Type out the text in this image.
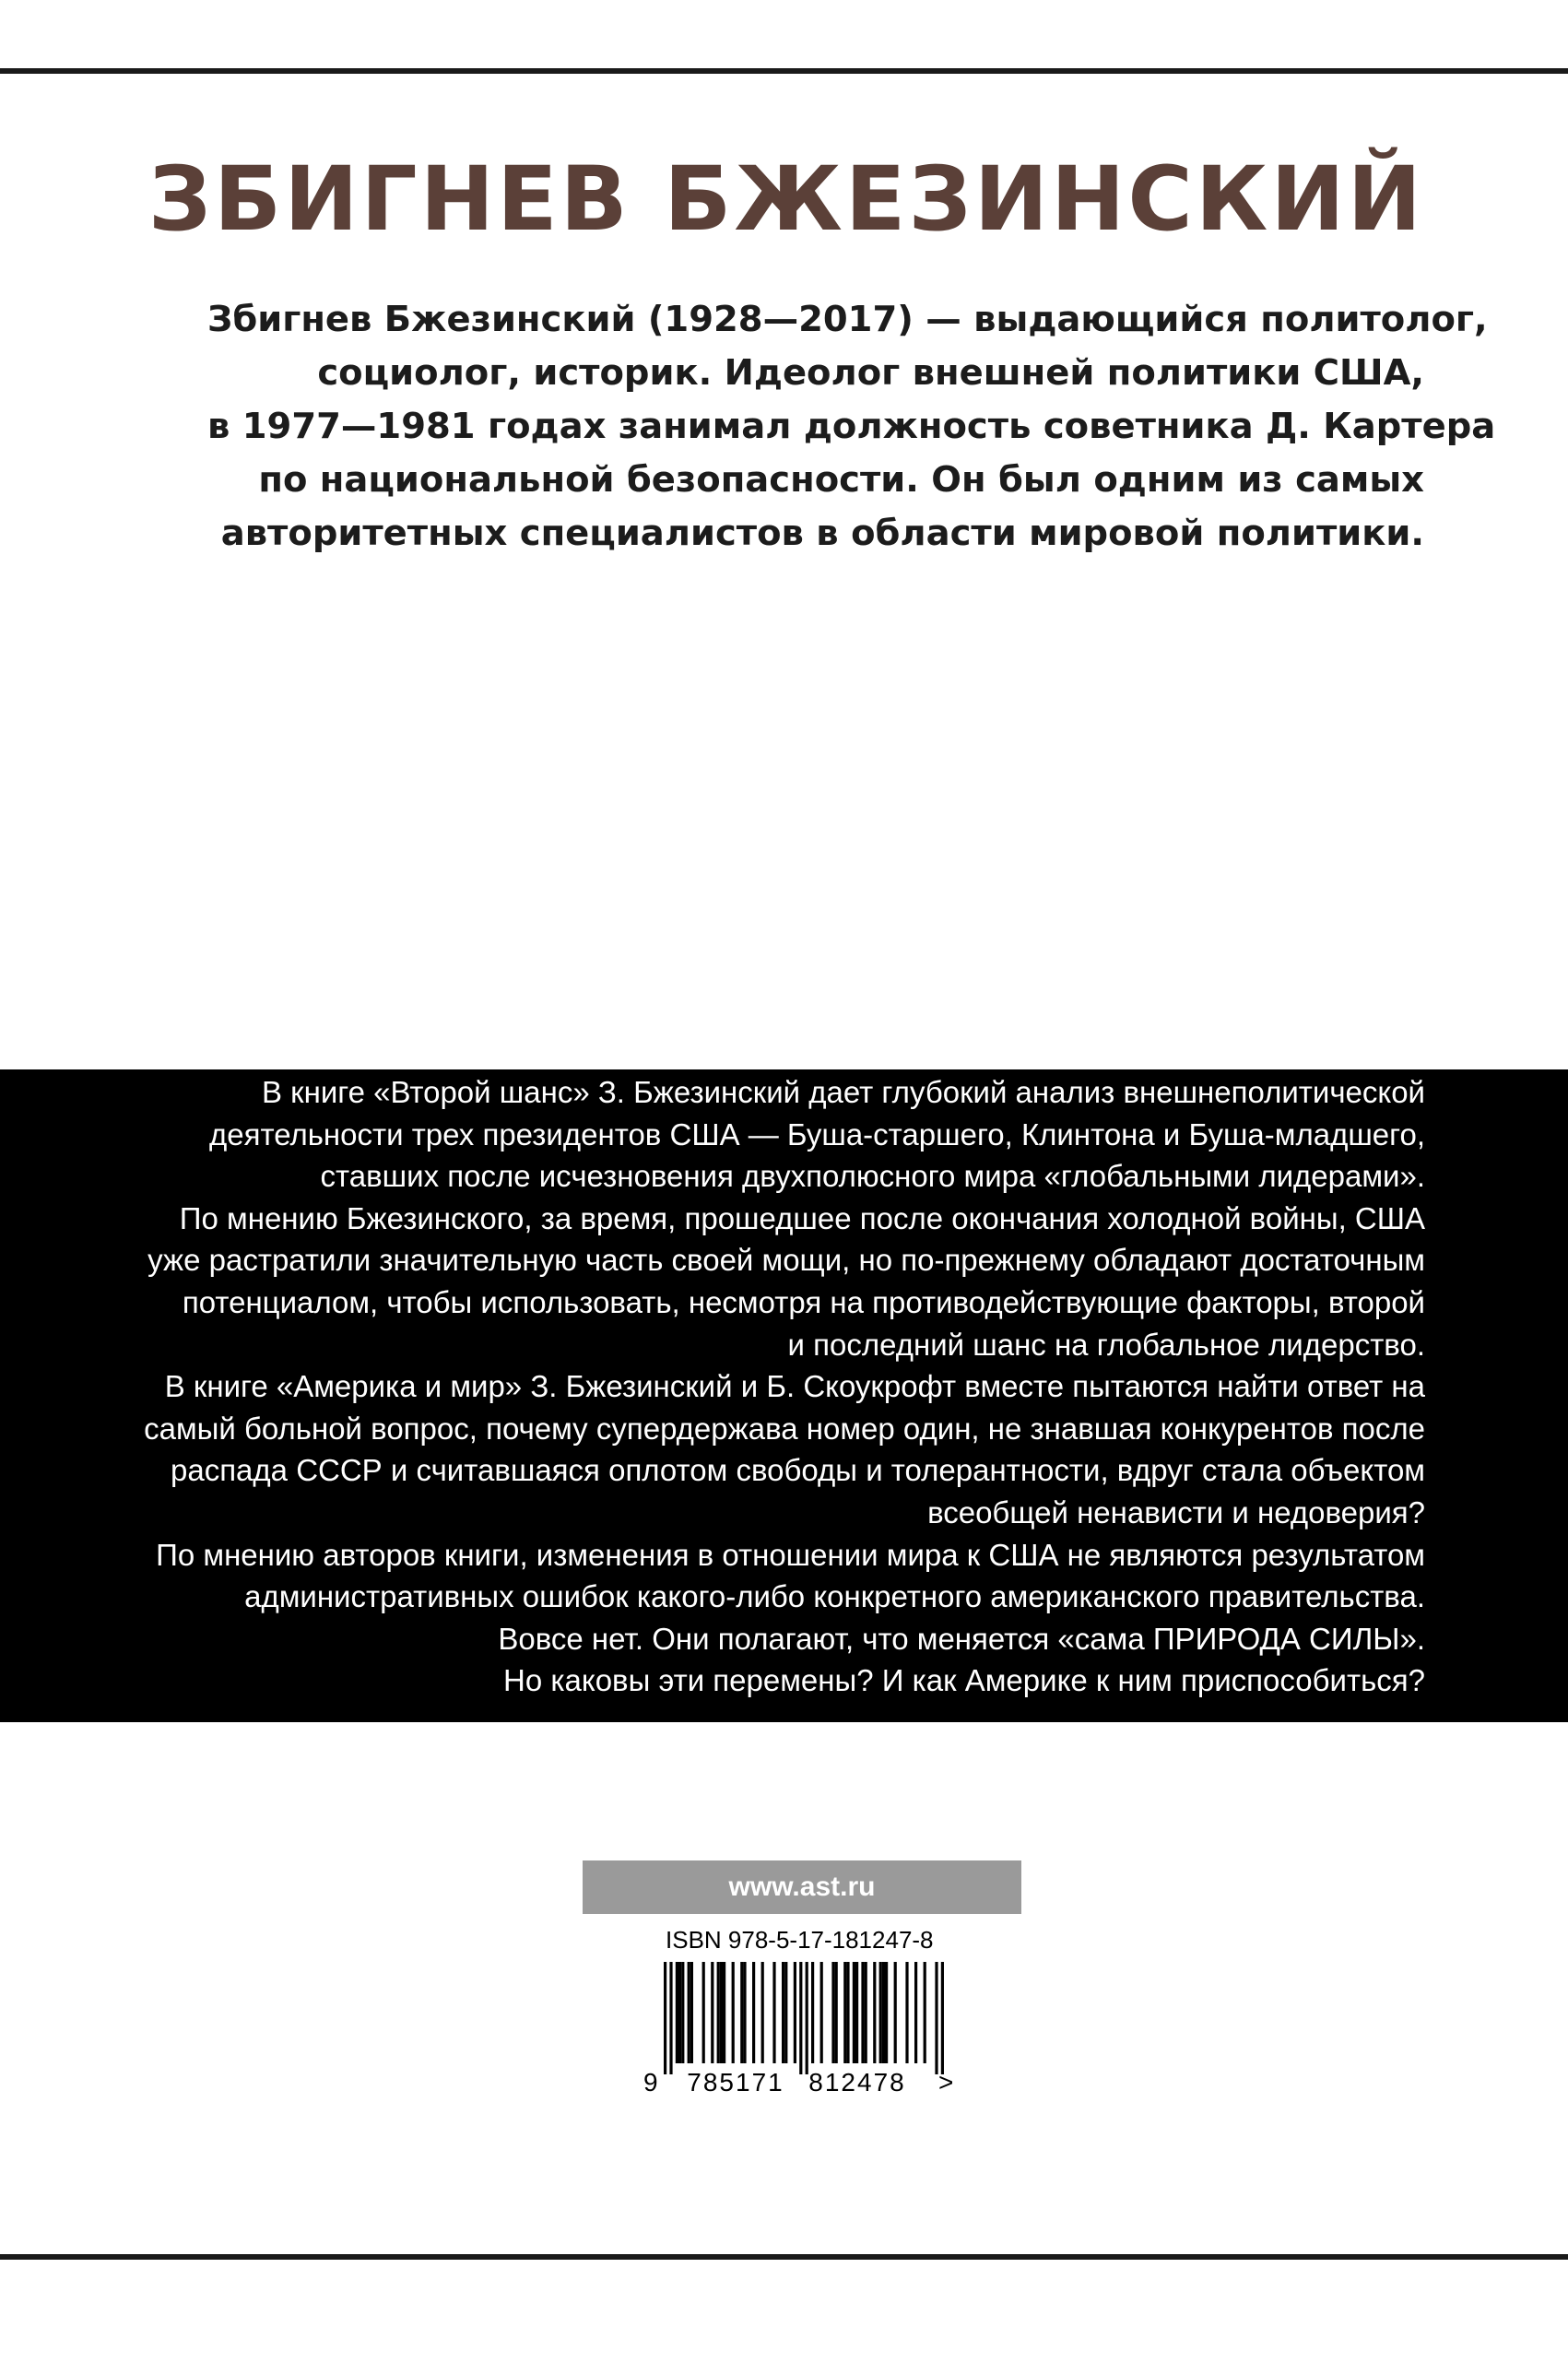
ЗБИГНЕВ БЖЕЗИНСКИЙ
Збигнев Бжезинский (1928—2017) — выдающийся политолог,
социолог, историк. Идеолог внешней политики США,
в 1977—1981 годах занимал должность советника Д. Картера
по национальной безопасности. Он был одним из самых
авторитетных специалистов в области мировой политики.
В книге «Второй шанс» З. Бжезинский дает глубокий анализ внешнеполитической
деятельности трех президентов США — Буша-старшего, Клинтона и Буша-младшего,
ставших после исчезновения двухполюсного мира «глобальными лидерами».
По мнению Бжезинского, за время, прошедшее после окончания холодной войны, США
уже растратили значительную часть своей мощи, но по-прежнему обладают достаточным
потенциалом, чтобы использовать, несмотря на противодействующие факторы, второй
и последний шанс на глобальное лидерство.
В книге «Америка и мир» З. Бжезинский и Б. Скоукрофт вместе пытаются найти ответ на
самый больной вопрос, почему супердержава номер один, не знавшая конкурентов после
распада СССР и считавшаяся оплотом свободы и толерантности, вдруг стала объектом
всеобщей ненависти и недоверия?
По мнению авторов книги, изменения в отношении мира к США не являются результатом
административных ошибок какого-либо конкретного американского правительства.
Вовсе нет. Они полагают, что меняется «сама ПРИРОДА СИЛЫ».
Но каковы эти перемены? И как Америке к ним приспособиться?
www.ast.ru
ISBN 978-5-17-181247-8
9 785171 812478 >
